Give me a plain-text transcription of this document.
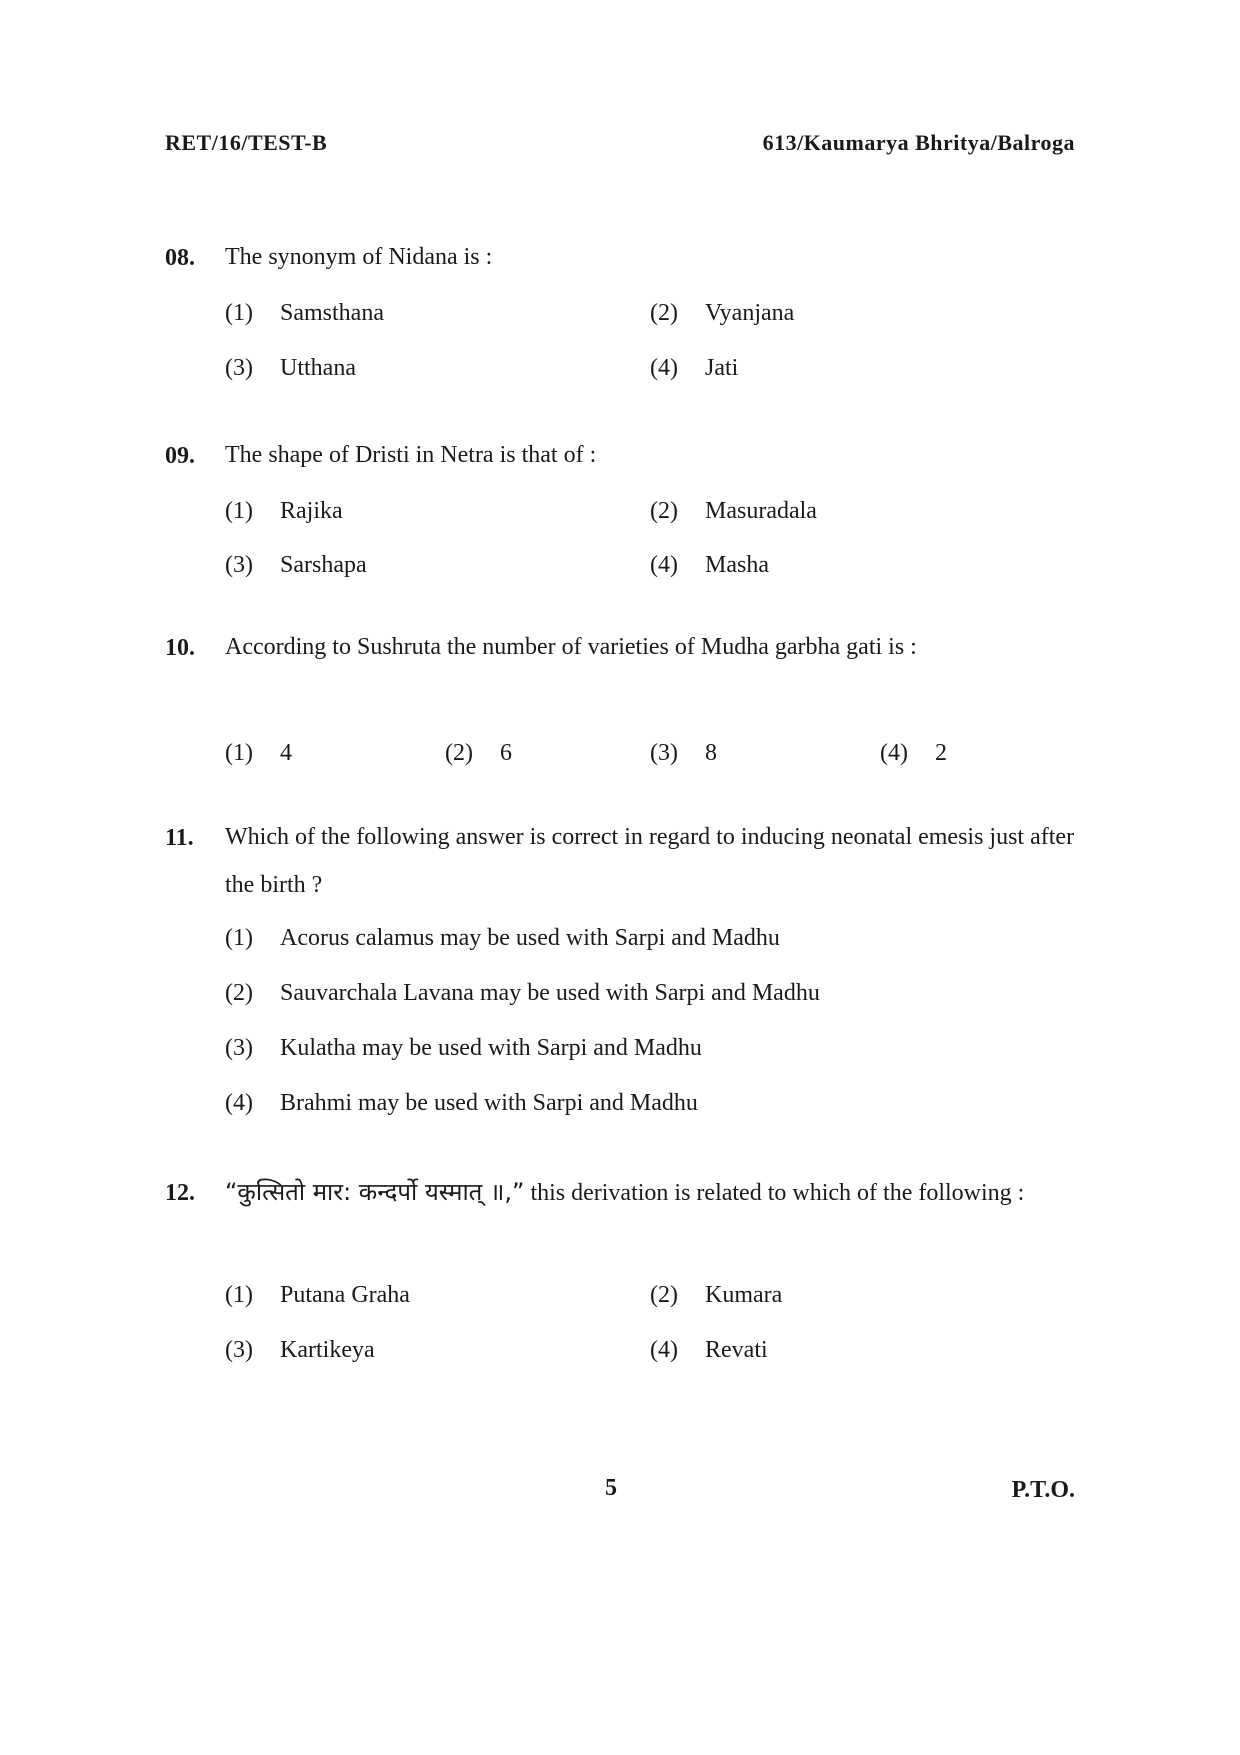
RET/16/TEST-B	613/Kaumarya Bhritya/Balroga
08. The synonym of Nidana is :
(1) Samsthana	(2) Vyanjana
(3) Utthana	(4) Jati
09. The shape of Dristi in Netra is that of :
(1) Rajika	(2) Masuradala
(3) Sarshapa	(4) Masha
10. According to Sushruta the number of varieties of Mudha garbha gati is :
(1) 4	(2) 6	(3) 8	(4) 2
11. Which of the following answer is correct in regard to inducing neonatal emesis just after the birth ?
(1) Acorus calamus may be used with Sarpi and Madhu
(2) Sauvarchala Lavana may be used with Sarpi and Madhu
(3) Kulatha may be used with Sarpi and Madhu
(4) Brahmi may be used with Sarpi and Madhu
12. “कुत्सितो मार: कन्दर्पो यस्मात् ॥,” this derivation is related to which of the following :
(1) Putana Graha	(2) Kumara
(3) Kartikeya	(4) Revati
5	P.T.O.
